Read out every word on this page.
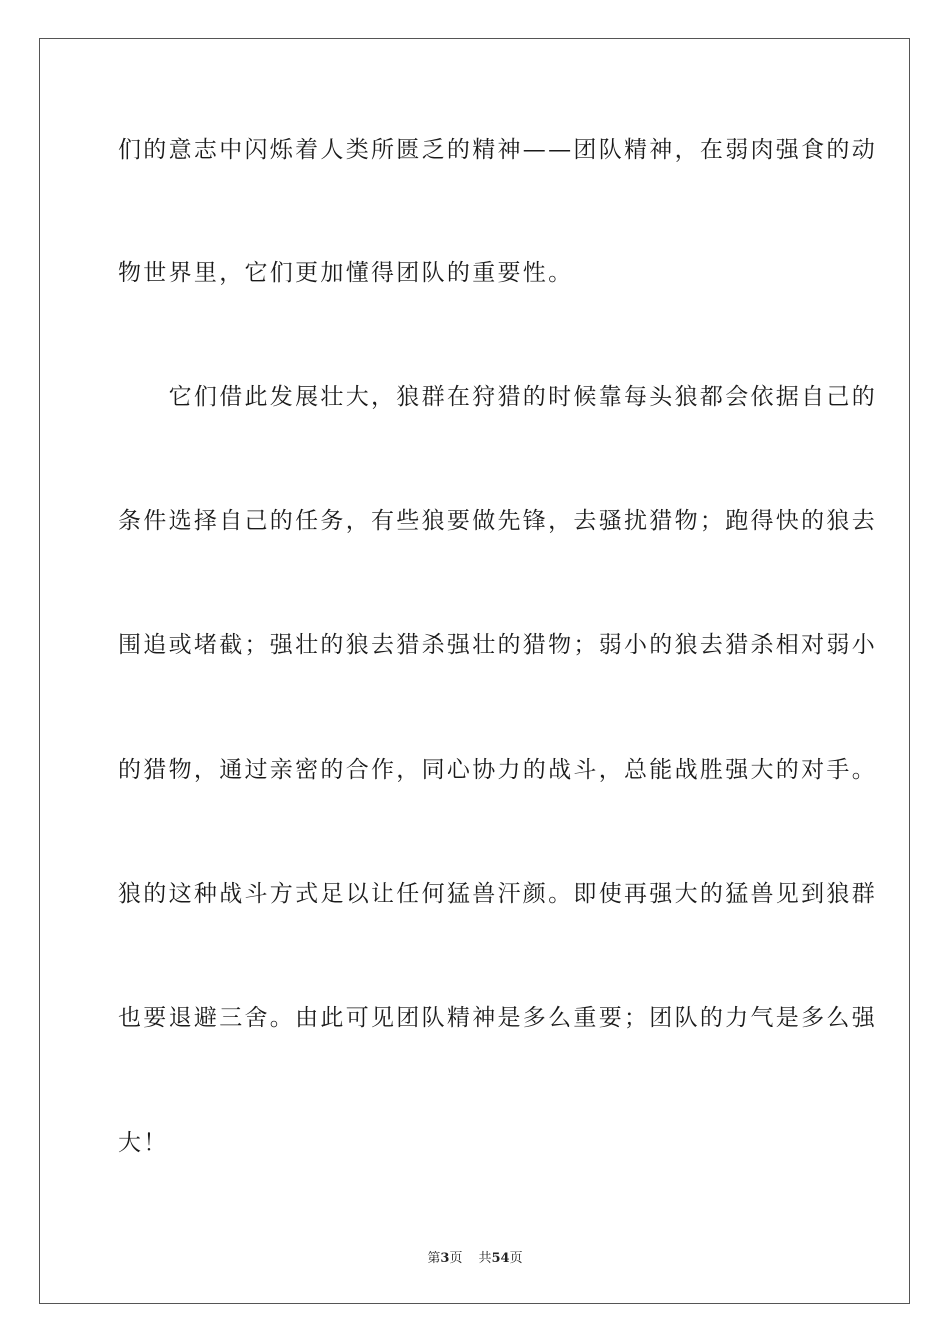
们的意志中闪烁着人类所匮乏的精神——团队精神，在弱肉强食的动
物世界里，它们更加懂得团队的重要性。
　　它们借此发展壮大，狼群在狩猎的时候靠每头狼都会依据自己的
条件选择自己的任务，有些狼要做先锋，去骚扰猎物；跑得快的狼去
围追或堵截；强壮的狼去猎杀强壮的猎物；弱小的狼去猎杀相对弱小
的猎物，通过亲密的合作，同心协力的战斗，总能战胜强大的对手。
狼的这种战斗方式足以让任何猛兽汗颜。即使再强大的猛兽见到狼群
也要退避三舍。由此可见团队精神是多么重要；团队的力气是多么强
大！
第3页 共54页
